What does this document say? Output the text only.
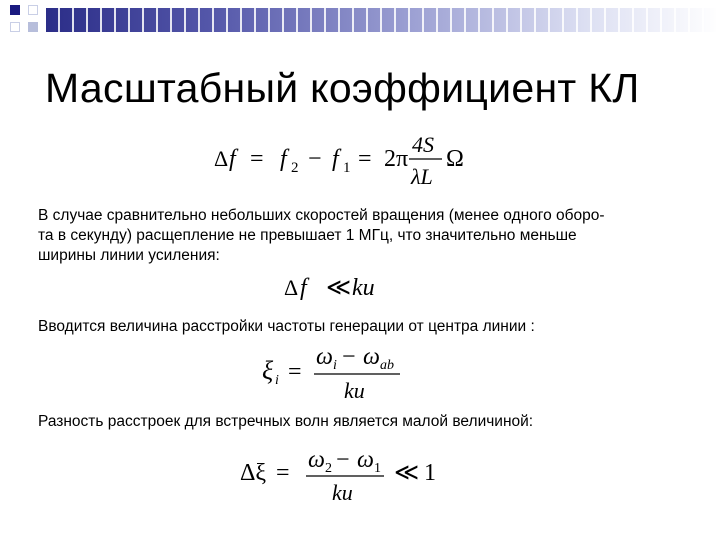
Масштабный коэффициент КЛ
Δ f = f 2 − f 1 = 2π
4S
λL
Ω
В случае сравнительно небольших скоростей вращения (менее одного оборо-
та в секунду) расщепление не превышает 1 МГц, что значительно меньше
ширины линии усиления:
Δ f ≪ ku
Вводится величина расстройки частоты генерации от центра линии :
ξ i =
ω i − ω ab
ku
Разность расстроек для встречных волн является малой величиной:
Δξ = ω 2 − ω 1
ku
≪ 1
